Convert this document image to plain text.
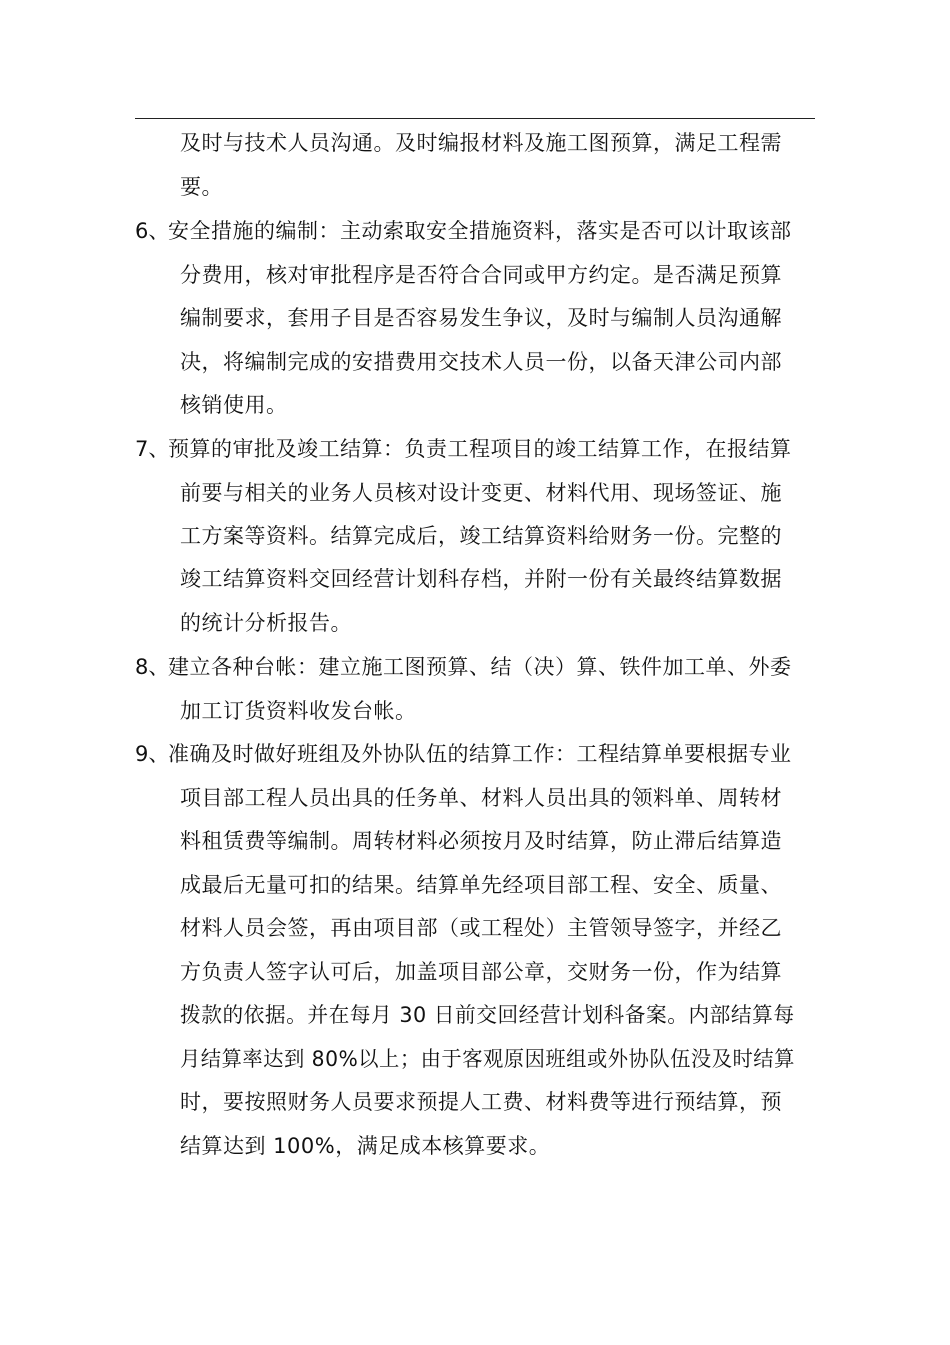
及时与技术人员沟通。及时编报材料及施工图预算，满足工程需
要。
6、
安全措施的编制：主动索取安全措施资料，落实是否可以计取该部
分费用，核对审批程序是否符合合同或甲方约定。是否满足预算
编制要求，套用子目是否容易发生争议，及时与编制人员沟通解
决，将编制完成的安措费用交技术人员一份，以备天津公司内部
核销使用。
7、
预算的审批及竣工结算：负责工程项目的竣工结算工作，在报结算
前要与相关的业务人员核对设计变更、材料代用、现场签证、施
工方案等资料。结算完成后，竣工结算资料给财务一份。完整的
竣工结算资料交回经营计划科存档，并附一份有关最终结算数据
的统计分析报告。
8、
建立各种台帐：建立施工图预算、结（决）算、铁件加工单、外委
加工订货资料收发台帐。
9、
准确及时做好班组及外协队伍的结算工作：工程结算单要根据专业
项目部工程人员出具的任务单、材料人员出具的领料单、周转材
料租赁费等编制。周转材料必须按月及时结算，防止滞后结算造
成最后无量可扣的结果。结算单先经项目部工程、安全、质量、
材料人员会签，再由项目部（或工程处）主管领导签字，并经乙
方负责人签字认可后，加盖项目部公章，交财务一份，作为结算
拨款的依据。并在每月 30 日前交回经营计划科备案。内部结算每
月结算率达到 80%以上；由于客观原因班组或外协队伍没及时结算
时，要按照财务人员要求预提人工费、材料费等进行预结算，预
结算达到 100%，满足成本核算要求。
